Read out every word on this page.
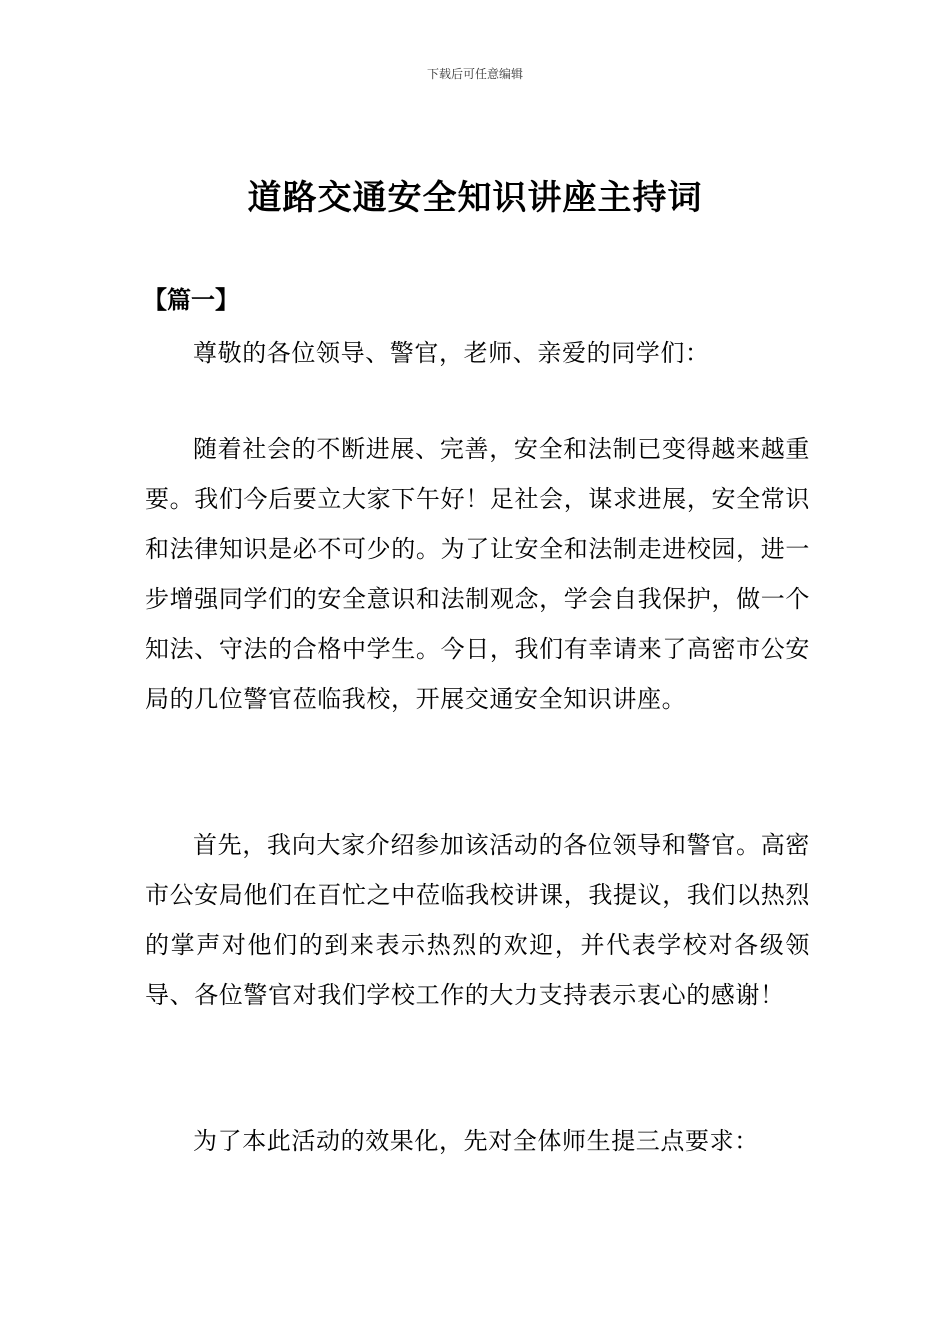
下载后可任意编辑
道路交通安全知识讲座主持词
【篇一】

尊敬的各位领导、警官，老师、亲爱的同学们：

随着社会的不断进展、完善，安全和法制已变得越来越重要。我们今后要立大家下午好！足社会，谋求进展，安全常识和法律知识是必不可少的。为了让安全和法制走进校园，进一步增强同学们的安全意识和法制观念，学会自我保护，做一个知法、守法的合格中学生。今日，我们有幸请来了高密市公安局的几位警官莅临我校，开展交通安全知识讲座。

首先，我向大家介绍参加该活动的各位领导和警官。高密市公安局他们在百忙之中莅临我校讲课，我提议，我们以热烈的掌声对他们的到来表示热烈的欢迎，并代表学校对各级领导、各位警官对我们学校工作的大力支持表示衷心的感谢！

为了本此活动的效果化，先对全体师生提三点要求：
